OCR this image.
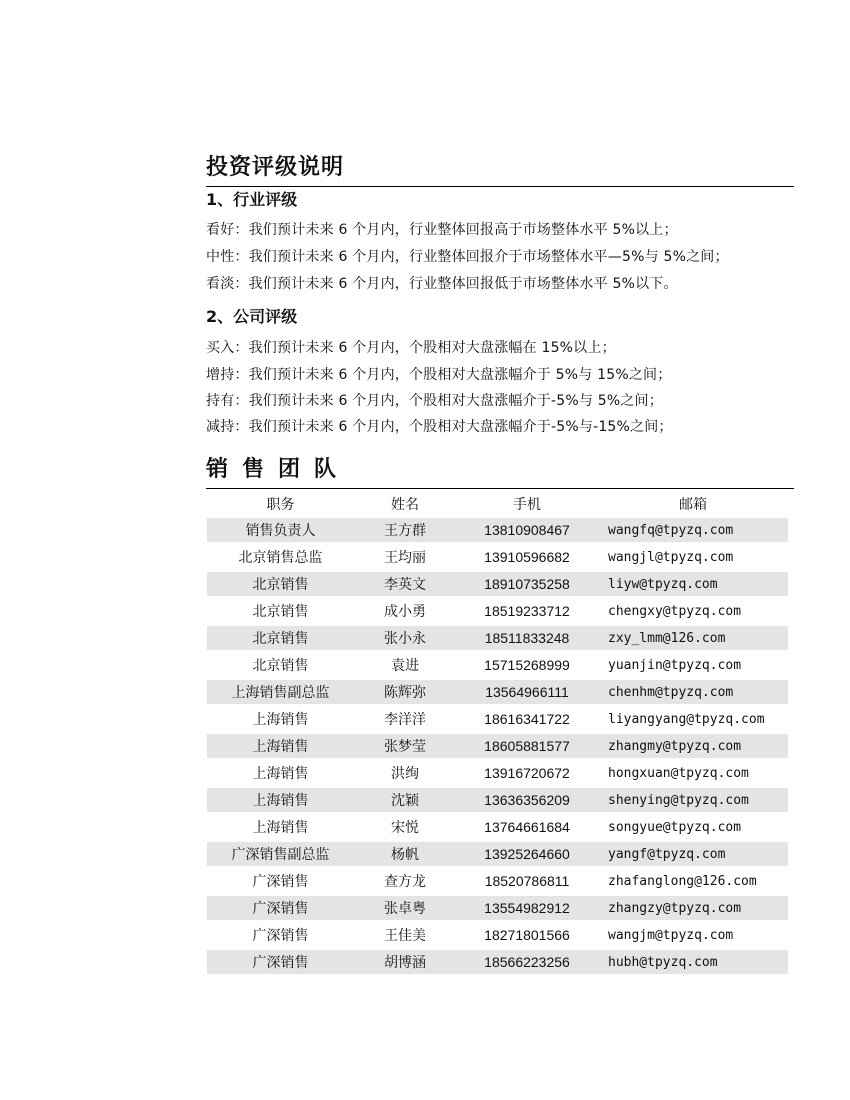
投资评级说明
1、行业评级
看好：我们预计未来 6 个月内，行业整体回报高于市场整体水平 5%以上；
中性：我们预计未来 6 个月内，行业整体回报介于市场整体水平—5%与 5%之间；
看淡：我们预计未来 6 个月内，行业整体回报低于市场整体水平 5%以下。
2、公司评级
买入：我们预计未来 6 个月内，个股相对大盘涨幅在 15%以上；
增持：我们预计未来 6 个月内，个股相对大盘涨幅介于 5%与 15%之间；
持有：我们预计未来 6 个月内，个股相对大盘涨幅介于-5%与 5%之间；
减持：我们预计未来 6 个月内，个股相对大盘涨幅介于-5%与-15%之间；
销售团队
职务	姓名	手机	邮箱
销售负责人	王方群	13810908467	wangfq@tpyzq.com
北京销售总监	王均丽	13910596682	wangjl@tpyzq.com
北京销售	李英文	18910735258	liyw@tpyzq.com
北京销售	成小勇	18519233712	chengxy@tpyzq.com
北京销售	张小永	18511833248	zxy_lmm@126.com
北京销售	袁进	15715268999	yuanjin@tpyzq.com
上海销售副总监	陈辉弥	13564966111	chenhm@tpyzq.com
上海销售	李洋洋	18616341722	liyangyang@tpyzq.com
上海销售	张梦莹	18605881577	zhangmy@tpyzq.com
上海销售	洪绚	13916720672	hongxuan@tpyzq.com
上海销售	沈颖	13636356209	shenying@tpyzq.com
上海销售	宋悦	13764661684	songyue@tpyzq.com
广深销售副总监	杨帆	13925264660	yangf@tpyzq.com
广深销售	查方龙	18520786811	zhafanglong@126.com
广深销售	张卓粤	13554982912	zhangzy@tpyzq.com
广深销售	王佳美	18271801566	wangjm@tpyzq.com
广深销售	胡博涵	18566223256	hubh@tpyzq.com
